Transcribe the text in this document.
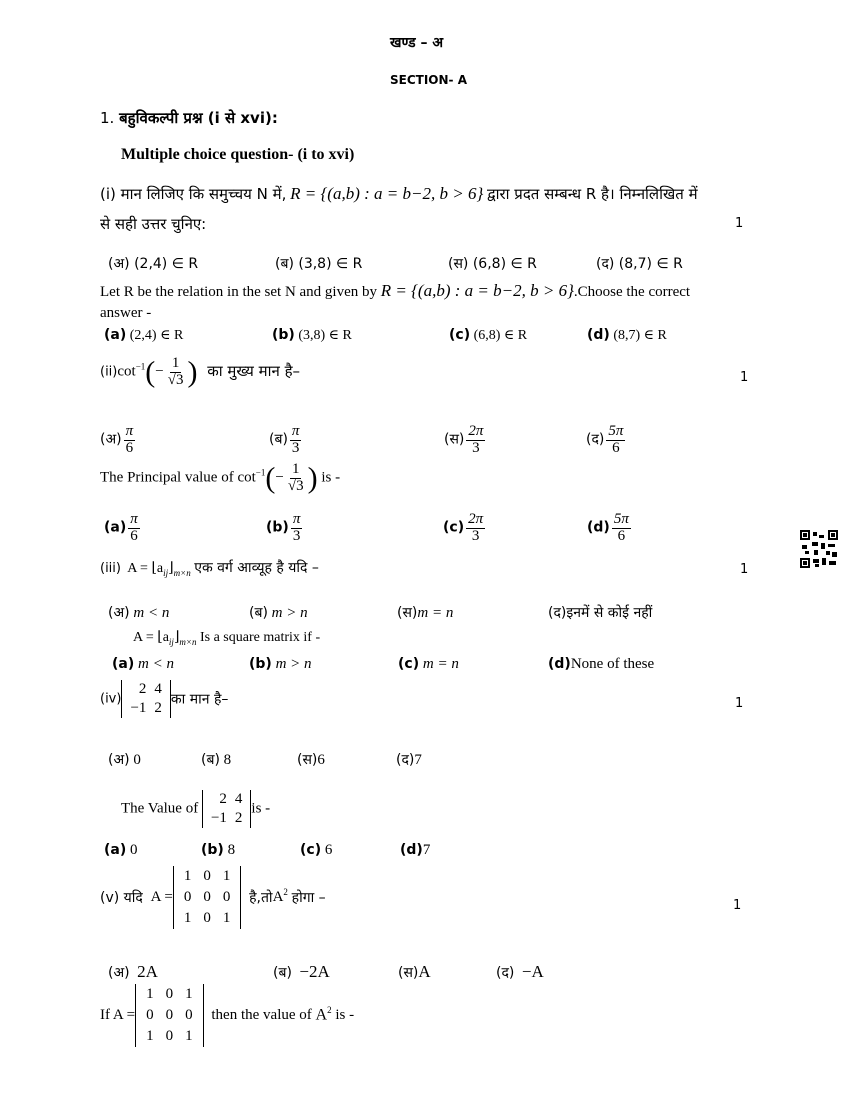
खण्ड – अ
SECTION- A
1. बहुविकल्पी प्रश्न (i से xvi):
Multiple choice question- (i to xvi)
(i) मान लिजिए कि समुच्चय N में, R = {(a,b) : a = b−2, b > 6} द्वारा प्रदत सम्बन्ध R है। निम्नलिखित में
से सही उत्तर चुनिए:	1
(अ) (2,4) ∈ R	(ब) (3,8) ∈ R	(स) (6,8) ∈ R	(द) (8,7) ∈ R
Let R be the relation in the set N and given by R = {(a,b) : a = b−2, b > 6}.Choose the correct
answer -
(a) (2,4) ∈ R	(b) (3,8) ∈ R	(c) (6,8) ∈ R	(d) (8,7) ∈ R
$(ii)\cot^{-1}(- \frac{1}{√3}$ ) का मुख्य मान है–	1
(अ) $\frac{\pi}{6}$	(ब) $\frac{\pi}{3}$	(स) $\frac{2\pi}{3}$	(द) $\frac{5\pi}{6}$
The Principal value of $\cot^{-1}(- \frac{1}{√3}$ ) is -
$(a) \frac{\pi}{6}$	$(b) \frac{\pi}{3}$	$(c) \frac{2\pi}{3}$	$(d) \frac{5\pi}{6}$
(iii) $A = ⌊a_{ij}⌋_{m\times n}$ एक वर्ग आव्यूह है यदि –	1
(अ) m < n	(ब) m > n	(स)m = n	(द)इनमें से कोई नहीं
$A = ⌊a_{ij}⌋_{m\times n}$ Is a square matrix if -
(a) m < n	(b) m > n	(c) m = n	(d)None of these
(iv)
2	4
−1	2
का मान है–	1
(अ) 0	(ब) 8	(स)6	(द)7
The Value of
2	4
−1	2
is -
(a) 0	(b) 8	(c) 6	(d)7
(v) यदि A =
1	0	1
0	0	0
1	0	1
$है,तोA^2$ होगा –	1
(अ) 2A	(ब) −2A	(स)A	(द) −A
If A =
1	0	1
0	0	0
1	0	1
then the value of $A^2$ is -
